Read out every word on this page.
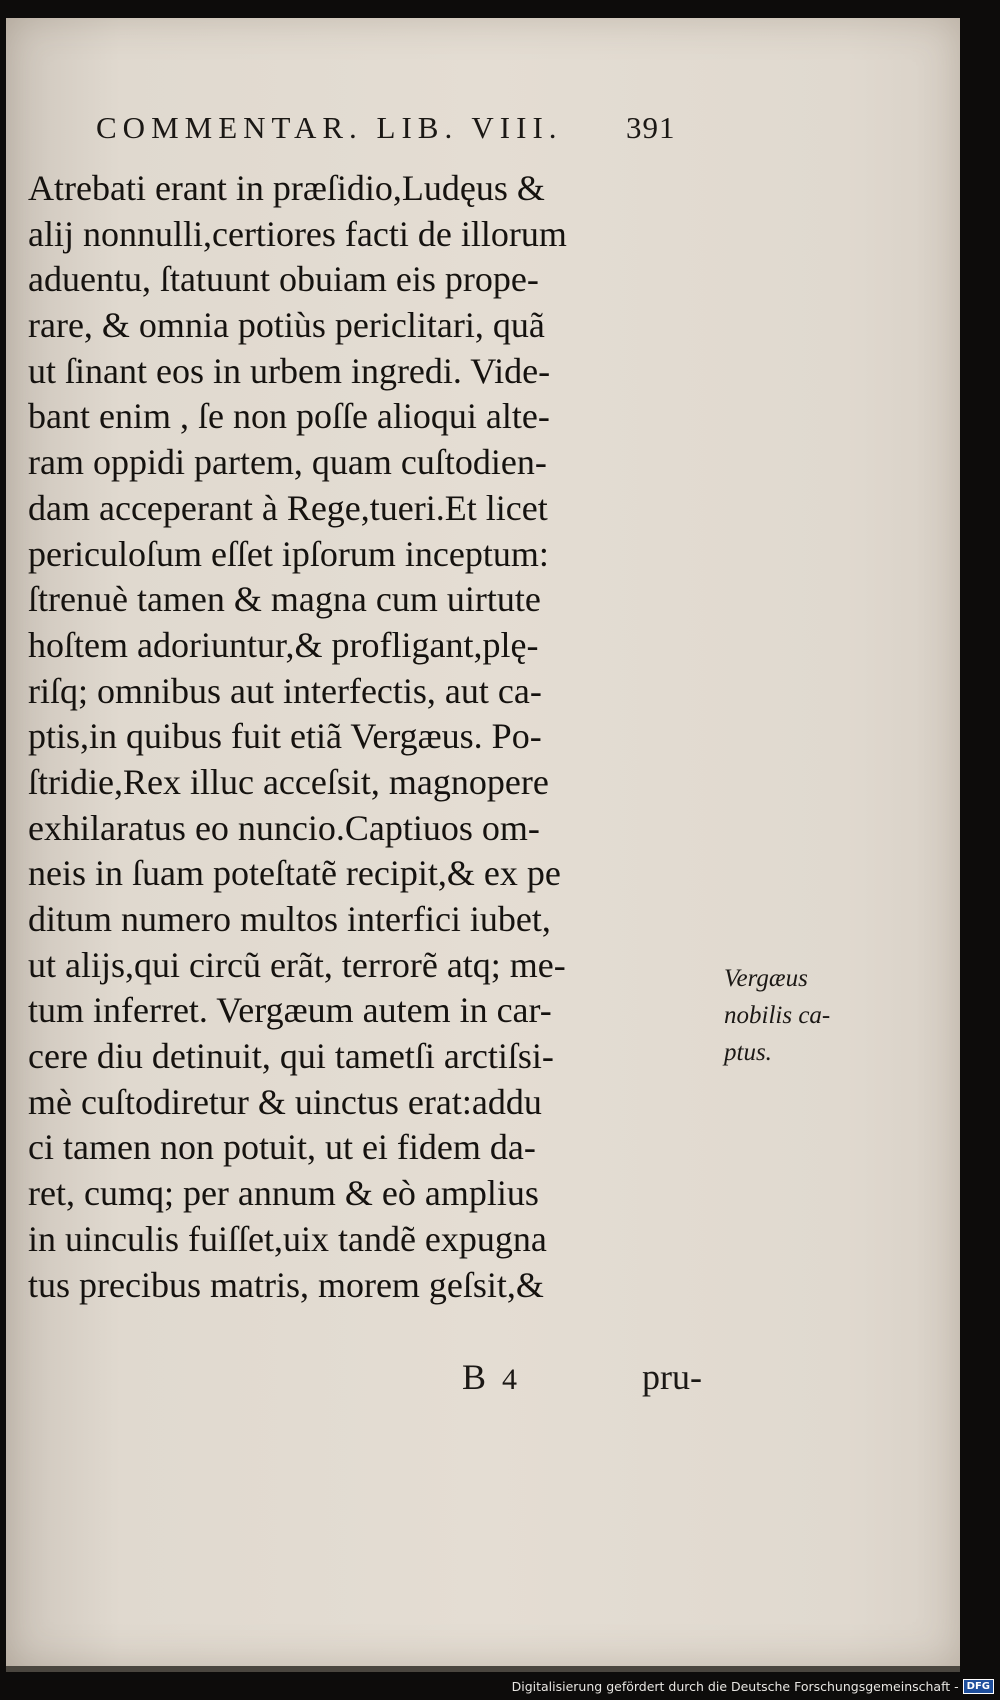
COMMENTAR. LIB. VIII. 391
Atrebati erant in præſidio,Ludęus &
alij nonnulli,certiores facti de illorum
aduentu, ſtatuunt obuiam eis prope-
rare, & omnia potiùs periclitari, quã
ut ſinant eos in urbem ingredi. Vide-
bant enim , ſe non poſſe alioqui alte-
ram oppidi partem, quam cuſtodien-
dam acceperant à Rege,tueri.Et licet
periculoſum eſſet ipſorum inceptum:
ſtrenuè tamen & magna cum uirtute
hoſtem adoriuntur,& profligant,plę-
riſq; omnibus aut interfectis, aut ca-
ptis,in quibus fuit etiã Vergæus. Po-
ſtridie,Rex illuc acceſsit, magnopere
exhilaratus eo nuncio.Captiuos om-
neis in ſuam poteſtatẽ recipit,& ex pe
ditum numero multos interfici iubet,
ut alijs,qui circũ erãt, terrorẽ atq; me-
tum inferret. Vergæum autem in car-
cere diu detinuit, qui tametſi arctiſsi-
mè cuſtodiretur & uinctus erat:addu
ci tamen non potuit, ut ei fidem da-
ret, cumq; per annum & eò amplius
in uinculis fuiſſet,uix tandẽ expugna
tus precibus matris, morem geſsit,&
Vergæus
nobilis ca-
ptus.
B 4	pru-
Digitalisierung gefördert durch die Deutsche Forschungsgemeinschaft - DFG
